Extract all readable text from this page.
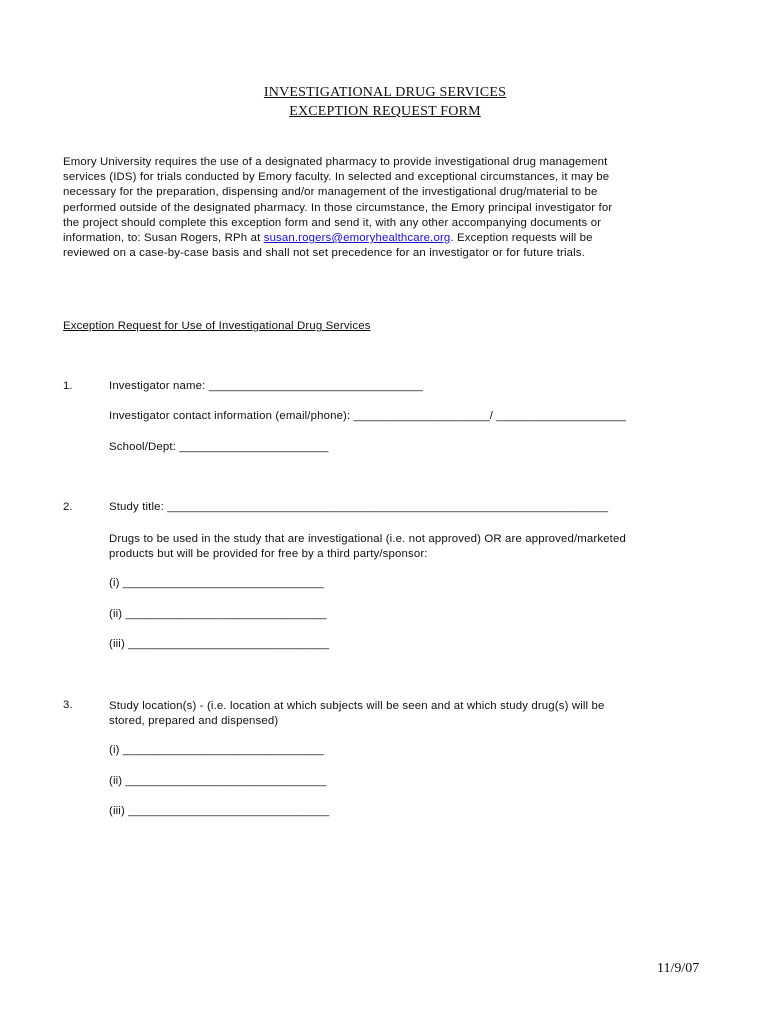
INVESTIGATIONAL DRUG SERVICES
EXCEPTION REQUEST FORM
Emory University requires the use of a designated pharmacy to provide investigational drug management
services (IDS) for trials conducted by Emory faculty. In selected and exceptional circumstances, it may be
necessary for the preparation, dispensing and/or management of the investigational drug/material to be
performed outside of the designated pharmacy. In those circumstance, the Emory principal investigator for
the project should complete this exception form and send it, with any other accompanying documents or
information, to: Susan Rogers, RPh at susan.rogers@emoryhealthcare.org. Exception requests will be
reviewed on a case-by-case basis and shall not set precedence for an investigator or for future trials.
Exception Request for Use of Investigational Drug Services
1.	Investigator name: _________________________________
Investigator contact information (email/phone): _____________________/ ____________________
School/Dept: _______________________
2.	Study title: ____________________________________________________________________
Drugs to be used in the study that are investigational (i.e. not approved) OR are approved/marketed
products but will be provided for free by a third party/sponsor:
(i) _______________________________
(ii) _______________________________
(iii) _______________________________
3.	Study location(s) - (i.e. location at which subjects will be seen and at which study drug(s) will be
stored, prepared and dispensed)
(i) _______________________________
(ii) _______________________________
(iii) _______________________________
11/9/07
